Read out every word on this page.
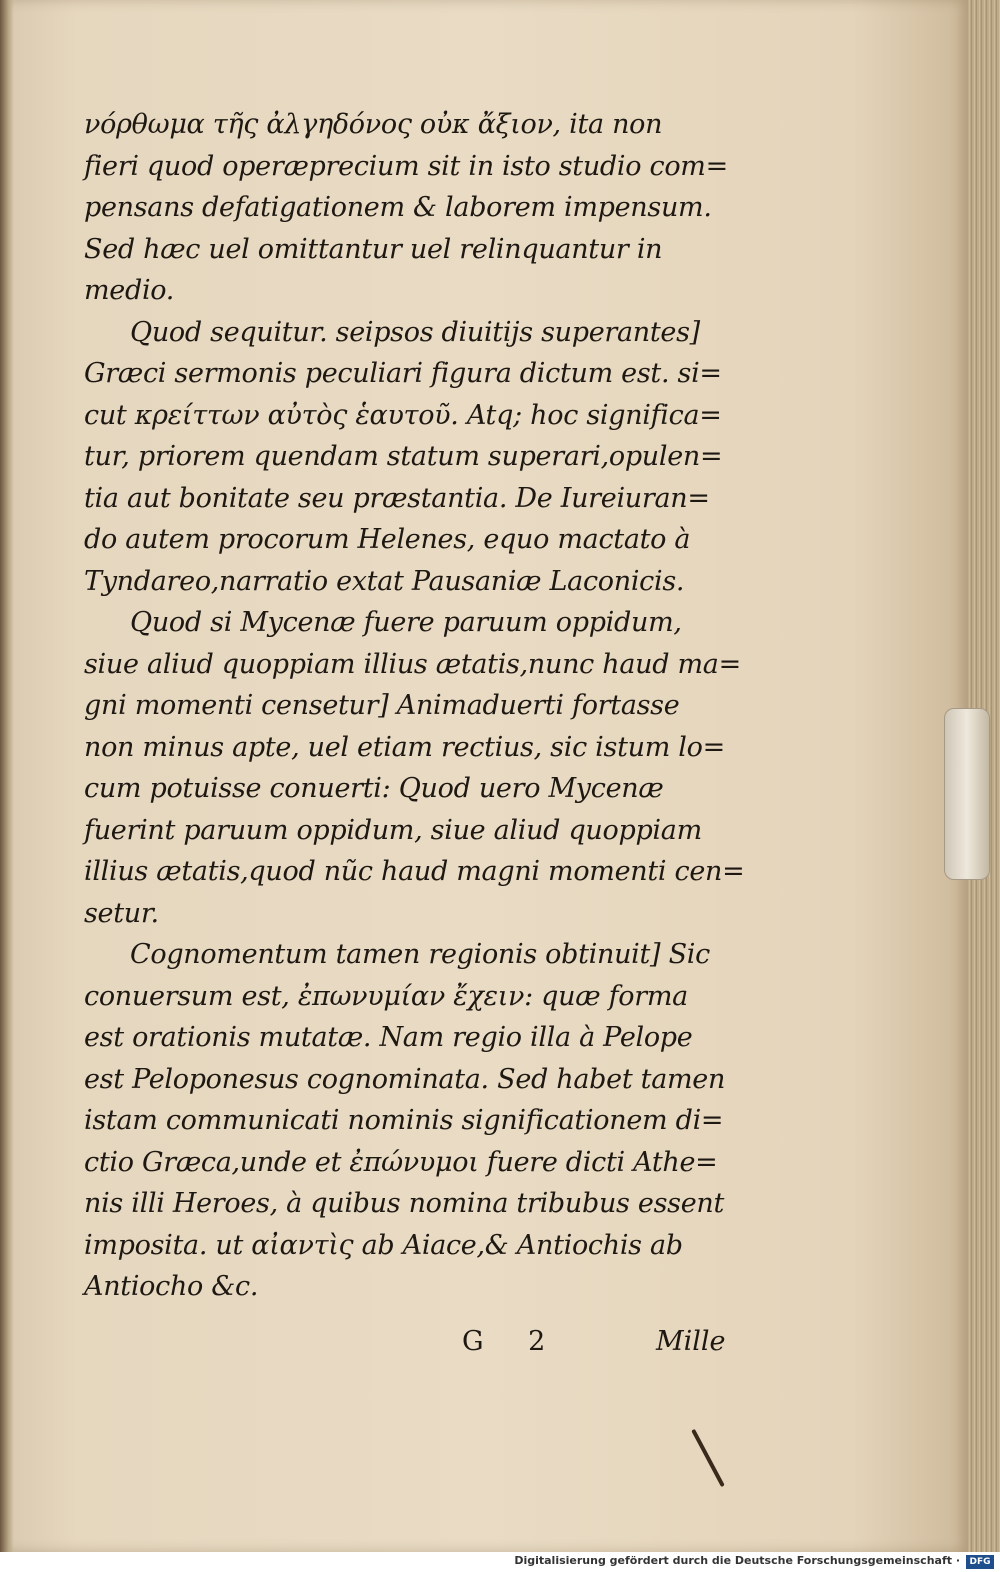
νόρθωμα τῆς ἀλγηδόνος οὐκ ἄξιον, ita non
fieri quod operæprecium sit in isto studio com=
pensans defatigationem & laborem impensum.
Sed hæc uel omittantur uel relinquantur in
medio.
Quod sequitur. seipsos diuitijs superantes]
Græci sermonis peculiari figura dictum est. si=
cut κρείττων αὐτὸς ἑαυτοῦ. Atq; hoc significa=
tur, priorem quendam statum superari,opulen=
tia aut bonitate seu præstantia. De Iureiuran=
do autem procorum Helenes, equo mactato à
Tyndareo,narratio extat Pausaniæ Laconicis.
Quod si Mycenæ fuere paruum oppidum,
siue aliud quoppiam illius ætatis,nunc haud ma=
gni momenti censetur] Animaduerti fortasse
non minus apte, uel etiam rectius, sic istum lo=
cum potuisse conuerti: Quod uero Mycenæ
fuerint paruum oppidum, siue aliud quoppiam
illius ætatis,quod nũc haud magni momenti cen=
setur.
Cognomentum tamen regionis obtinuit] Sic
conuersum est, ἐπωνυμίαν ἔχειν: quæ forma
est orationis mutatæ. Nam regio illa à Pelope
est Peloponesus cognominata. Sed habet tamen
istam communicati nominis significationem di=
ctio Græca,unde et ἐπώνυμοι fuere dicti Athe=
nis illi Heroes, à quibus nomina tribubus essent
imposita. ut αἰαντὶς ab Aiace,& Antiochis ab
Antiocho &c.
G 2	Mille
Digitalisierung gefördert durch die Deutsche Forschungsgemeinschaft ·	DFG
